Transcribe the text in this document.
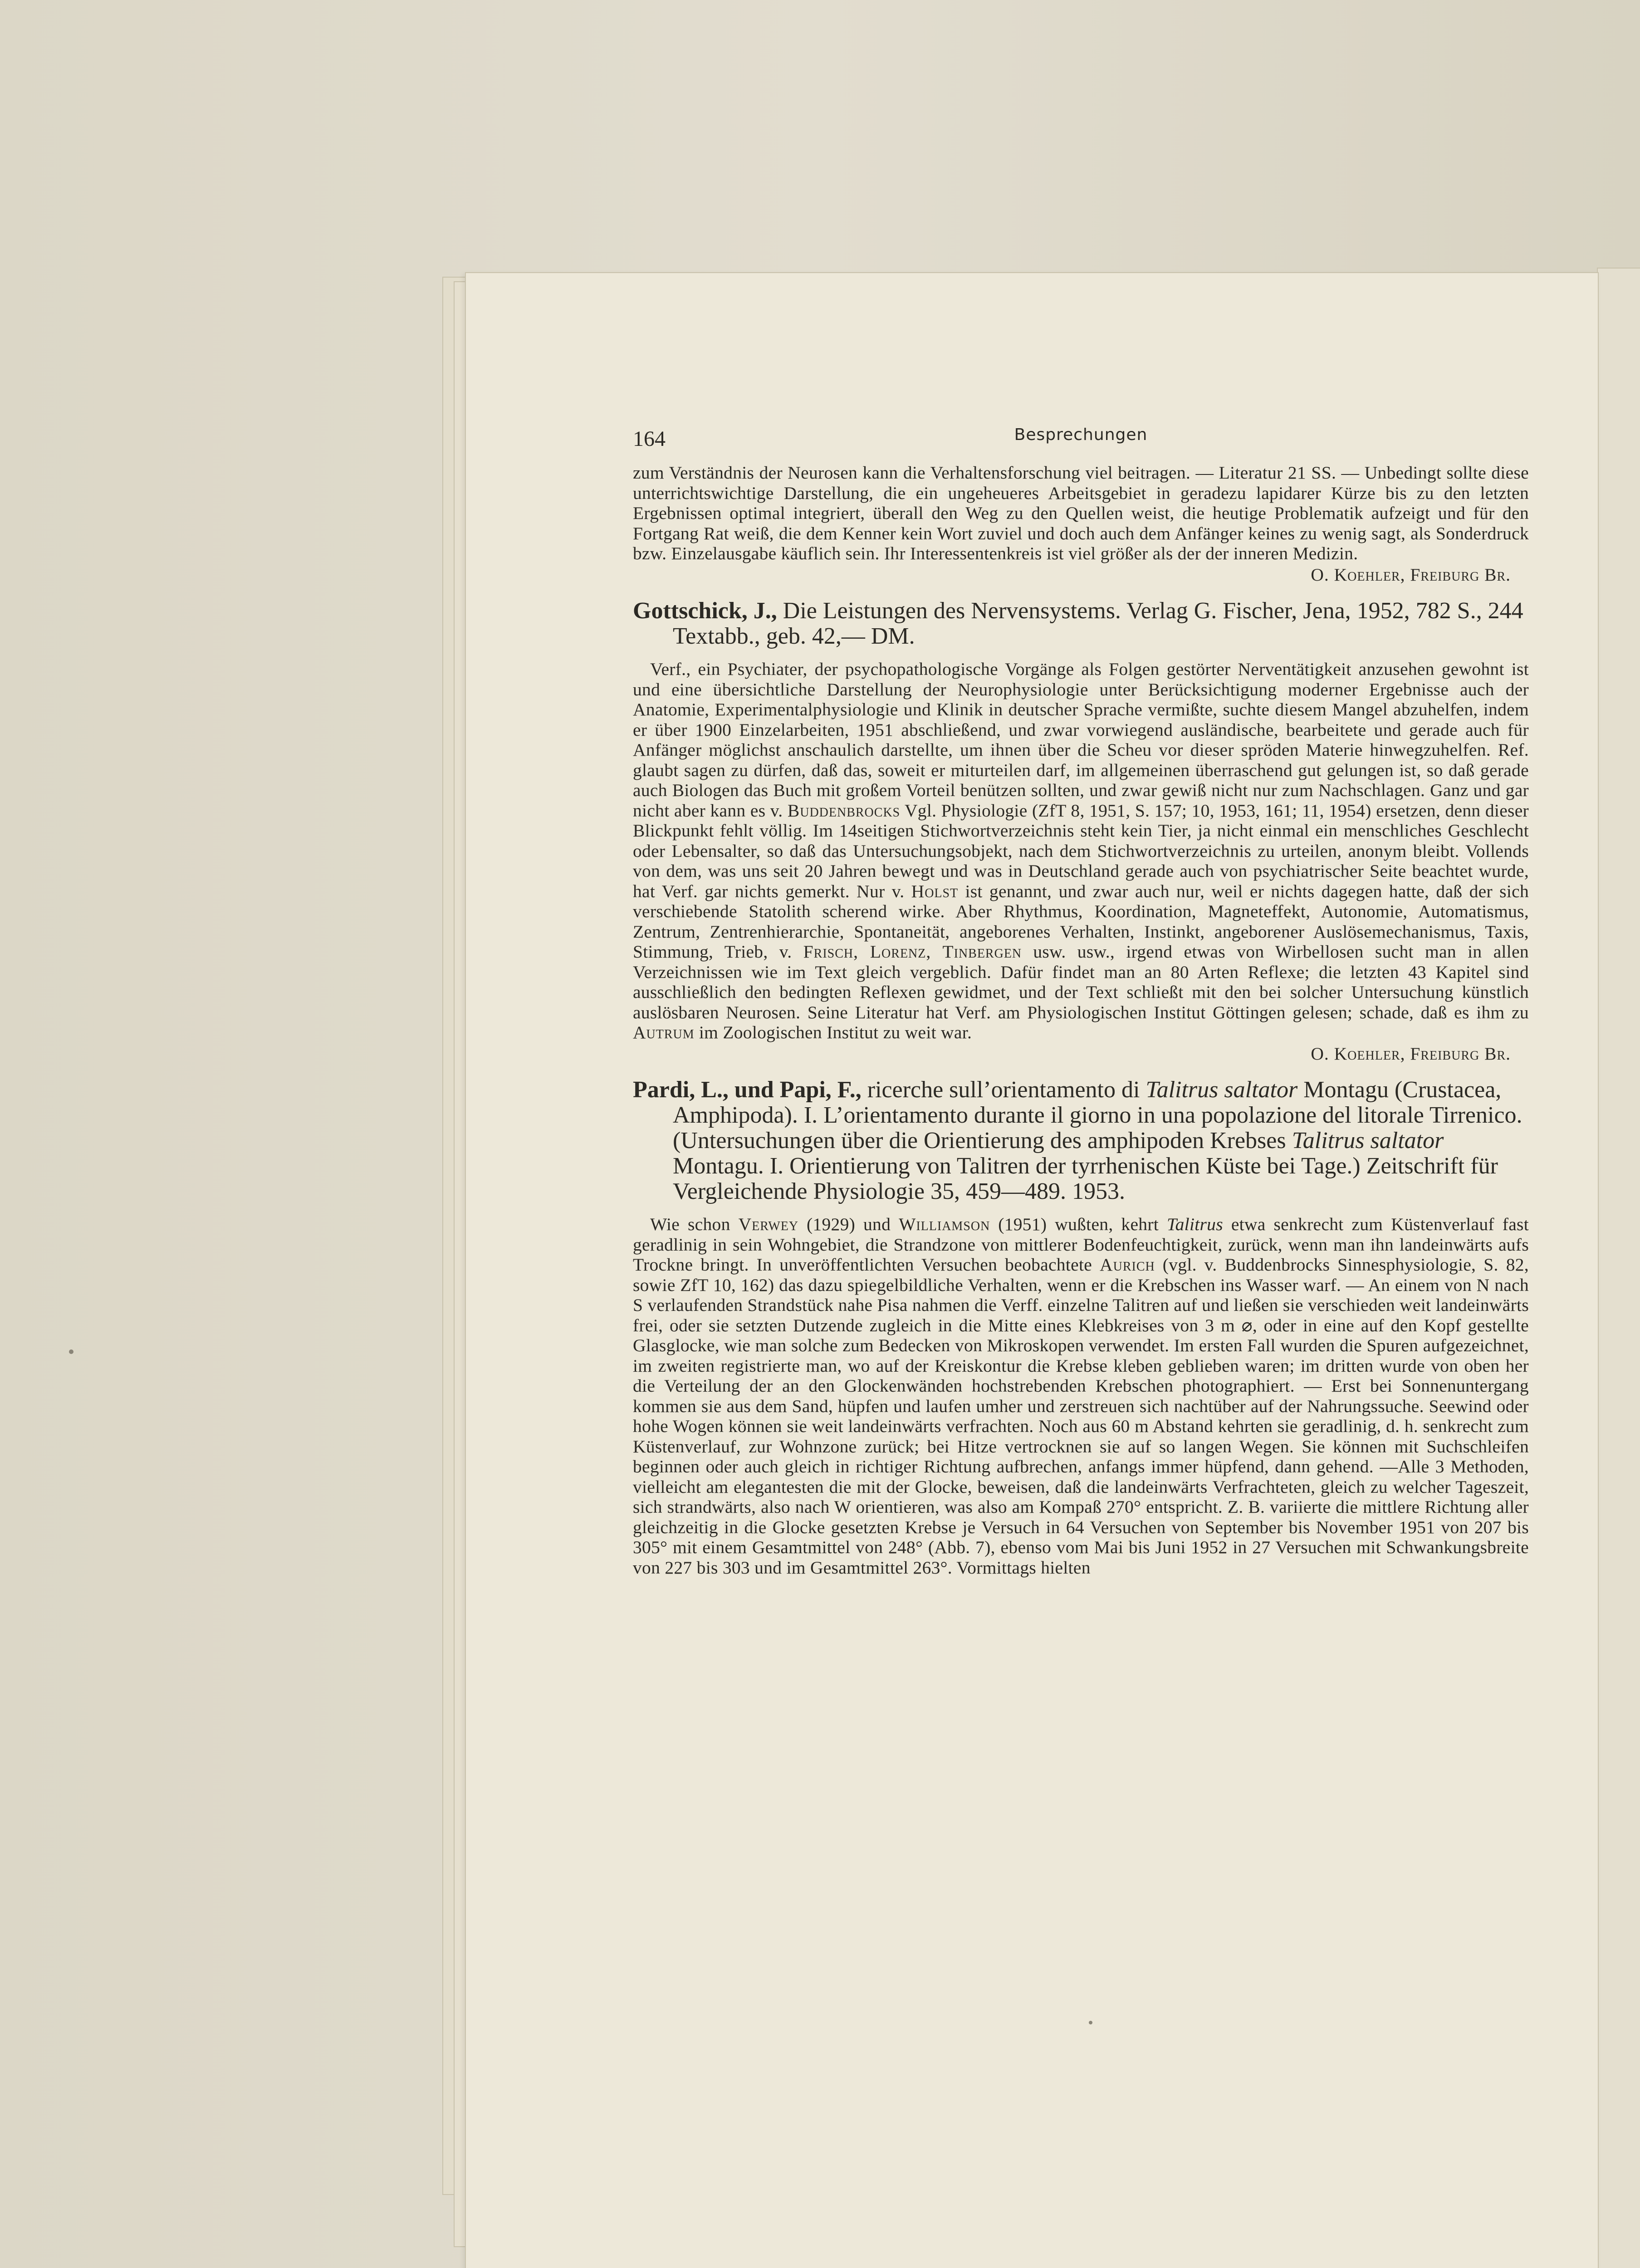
164	Besprechungen

zum Verständnis der Neurosen kann die Verhaltensforschung viel beitragen. — Literatur 21 SS. — Unbedingt sollte diese unterrichtswichtige Darstellung, die ein ungeheueres Arbeitsgebiet in geradezu lapidarer Kürze bis zu den letzten Ergebnissen optimal integriert, überall den Weg zu den Quellen weist, die heutige Problematik aufzeigt und für den Fortgang Rat weiß, die dem Kenner kein Wort zuviel und doch auch dem Anfänger keines zu wenig sagt, als Sonderdruck bzw. Einzelausgabe käuflich sein. Ihr Interessentenkreis ist viel größer als der der inneren Medizin.

O. Koehler, Freiburg Br.
Gottschick, J., Die Leistungen des Nervensystems. Verlag G. Fischer, Jena, 1952, 782 S., 244 Textabb., geb. 42,— DM.

Verf., ein Psychiater, der psychopathologische Vorgänge als Folgen gestörter Nerventätigkeit anzusehen gewohnt ist und eine übersichtliche Darstellung der Neurophysiologie unter Berücksichtigung moderner Ergebnisse auch der Anatomie, Experimentalphysiologie und Klinik in deutscher Sprache vermißte, suchte diesem Mangel abzuhelfen, indem er über 1900 Einzelarbeiten, 1951 abschließend, und zwar vorwiegend ausländische, bearbeitete und gerade auch für Anfänger möglichst anschaulich darstellte, um ihnen über die Scheu vor dieser spröden Materie hinwegzuhelfen. Ref. glaubt sagen zu dürfen, daß das, soweit er miturteilen darf, im allgemeinen überraschend gut gelungen ist, so daß gerade auch Biologen das Buch mit großem Vorteil benützen sollten, und zwar gewiß nicht nur zum Nachschlagen. Ganz und gar nicht aber kann es v. Buddenbrocks Vgl. Physiologie (ZfT 8, 1951, S. 157; 10, 1953, 161; 11, 1954) ersetzen, denn dieser Blickpunkt fehlt völlig. Im 14seitigen Stichwortverzeichnis steht kein Tier, ja nicht einmal ein menschliches Geschlecht oder Lebensalter, so daß das Untersuchungsobjekt, nach dem Stichwortverzeichnis zu urteilen, anonym bleibt. Vollends von dem, was uns seit 20 Jahren bewegt und was in Deutschland gerade auch von psychiatrischer Seite beachtet wurde, hat Verf. gar nichts gemerkt. Nur v. Holst ist genannt, und zwar auch nur, weil er nichts dagegen hatte, daß der sich verschiebende Statolith scherend wirke. Aber Rhythmus, Koordination, Magneteffekt, Autonomie, Automatismus, Zentrum, Zentrenhierarchie, Spontaneität, angeborenes Verhalten, Instinkt, angeborener Auslösemechanismus, Taxis, Stimmung, Trieb, v. Frisch, Lorenz, Tinbergen usw. usw., irgend etwas von Wirbellosen sucht man in allen Verzeichnissen wie im Text gleich vergeblich. Dafür findet man an 80 Arten Reflexe; die letzten 43 Kapitel sind ausschließlich den bedingten Reflexen gewidmet, und der Text schließt mit den bei solcher Untersuchung künstlich auslösbaren Neurosen. Seine Literatur hat Verf. am Physiologischen Institut Göttingen gelesen; schade, daß es ihm zu Autrum im Zoologischen Institut zu weit war.

O. Koehler, Freiburg Br.
Pardi, L., und Papi, F., ricerche sull’orientamento di Talitrus saltator Montagu (Crustacea, Amphipoda). I. L’orientamento durante il giorno in una popolazione del litorale Tirrenico. (Untersuchungen über die Orientierung des amphipoden Krebses Talitrus saltator Montagu. I. Orientierung von Talitren der tyrrhenischen Küste bei Tage.) Zeitschrift für Vergleichende Physiologie 35, 459—489. 1953.

Wie schon Verwey (1929) und Williamson (1951) wußten, kehrt Talitrus etwa senkrecht zum Küstenverlauf fast geradlinig in sein Wohngebiet, die Strandzone von mittlerer Bodenfeuchtigkeit, zurück, wenn man ihn landeinwärts aufs Trockne bringt. In unveröffentlichten Versuchen beobachtete Aurich (vgl. v. Buddenbrocks Sinnesphysiologie, S. 82, sowie ZfT 10, 162) das dazu spiegelbildliche Verhalten, wenn er die Krebschen ins Wasser warf. — An einem von N nach S verlaufenden Strandstück nahe Pisa nahmen die Verff. einzelne Talitren auf und ließen sie verschieden weit landeinwärts frei, oder sie setzten Dutzende zugleich in die Mitte eines Klebkreises von 3 m ⌀, oder in eine auf den Kopf gestellte Glasglocke, wie man solche zum Bedecken von Mikroskopen verwendet. Im ersten Fall wurden die Spuren aufgezeichnet, im zweiten registrierte man, wo auf der Kreiskontur die Krebse kleben geblieben waren; im dritten wurde von oben her die Verteilung der an den Glockenwänden hochstrebenden Krebschen photographiert. — Erst bei Sonnenuntergang kommen sie aus dem Sand, hüpfen und laufen umher und zerstreuen sich nachtüber auf der Nahrungssuche. Seewind oder hohe Wogen können sie weit landeinwärts verfrachten. Noch aus 60 m Abstand kehrten sie geradlinig, d. h. senkrecht zum Küstenverlauf, zur Wohnzone zurück; bei Hitze vertrocknen sie auf so langen Wegen. Sie können mit Suchschleifen beginnen oder auch gleich in richtiger Richtung aufbrechen, anfangs immer hüpfend, dann gehend. —Alle 3 Methoden, vielleicht am elegantesten die mit der Glocke, beweisen, daß die landeinwärts Verfrachteten, gleich zu welcher Tageszeit, sich strandwärts, also nach W orientieren, was also am Kompaß 270° entspricht. Z. B. variierte die mittlere Richtung aller gleichzeitig in die Glocke gesetzten Krebse je Versuch in 64 Versuchen von September bis November 1951 von 207 bis 305° mit einem Gesamtmittel von 248° (Abb. 7), ebenso vom Mai bis Juni 1952 in 27 Versuchen mit Schwankungsbreite von 227 bis 303 und im Gesamtmittel 263°. Vormittags hielten
